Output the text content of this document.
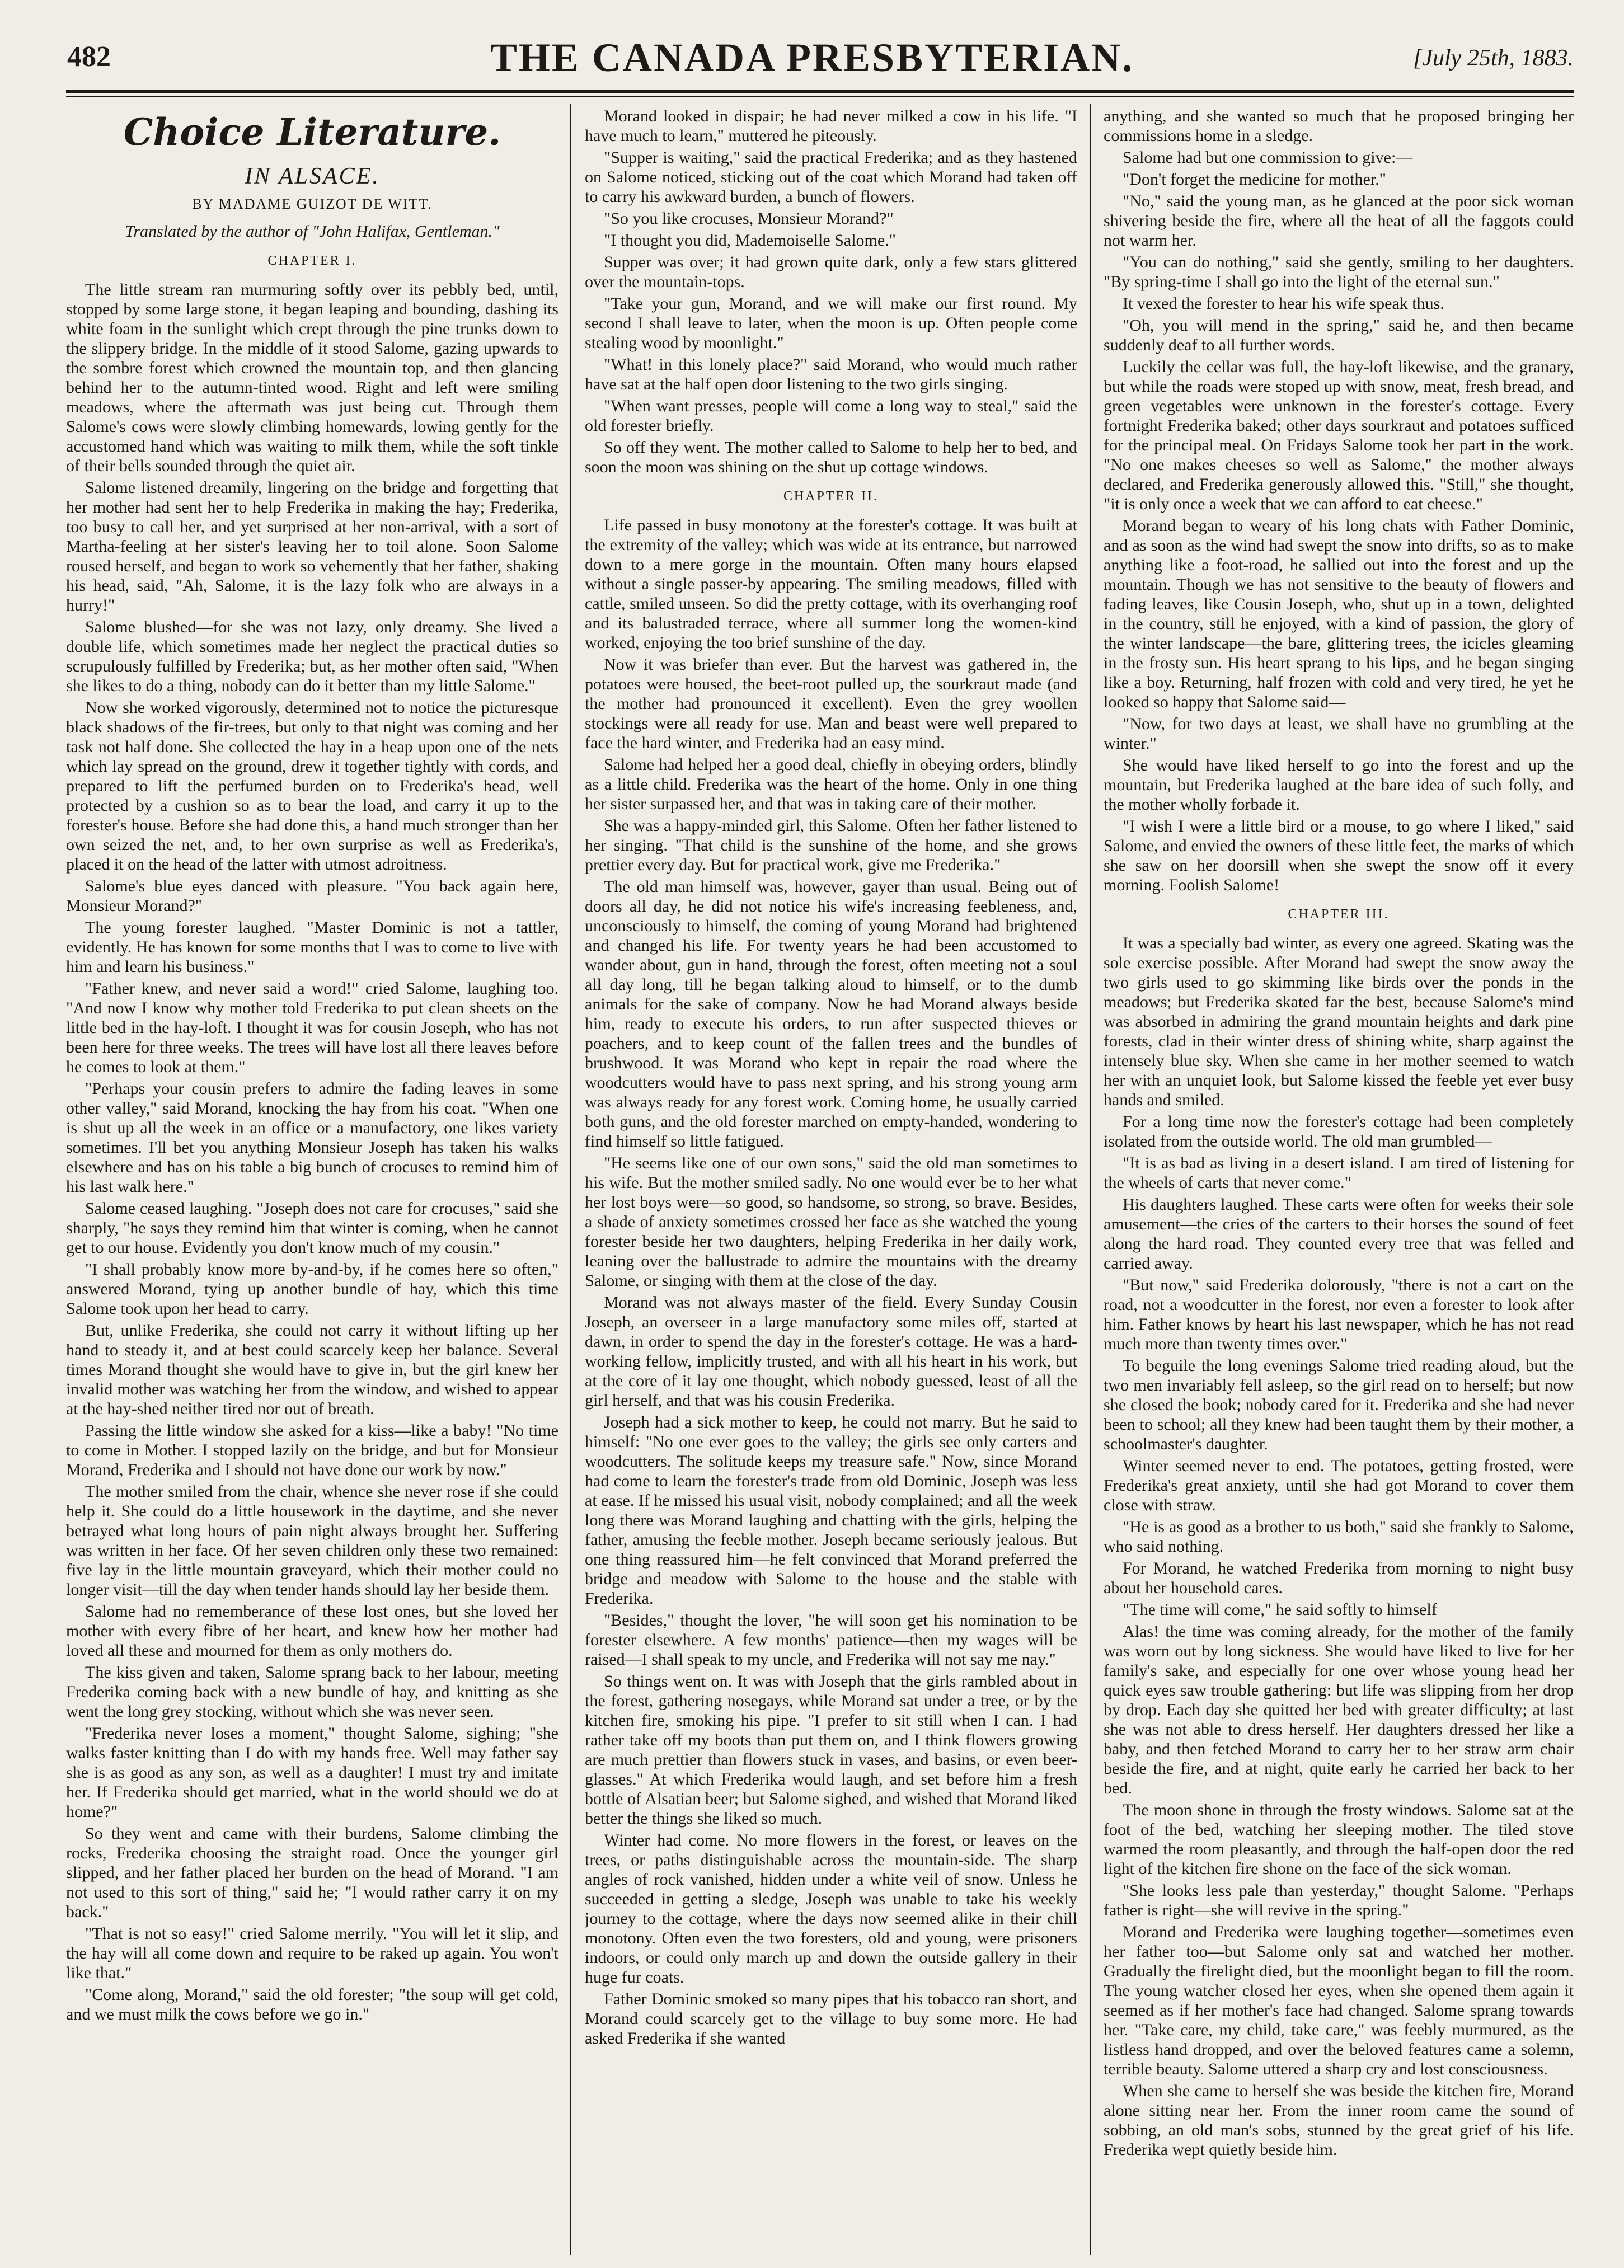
482	THE CANADA PRESBYTERIAN.	[July 25th, 1883.
Choice Literature.
IN ALSACE.
BY MADAME GUIZOT DE WITT.
Translated by the author of "John Halifax, Gentleman."
CHAPTER I.

The little stream ran murmuring softly over its pebbly bed, until, stopped by some large stone, it began leaping and bounding, dashing its white foam in the sunlight which crept through the pine trunks down to the slippery bridge. In the middle of it stood Salome, gazing upwards to the sombre forest which crowned the mountain top, and then glancing behind her to the autumn-tinted wood. Right and left were smiling meadows, where the aftermath was just being cut. Through them Salome's cows were slowly climbing homewards, lowing gently for the accustomed hand which was waiting to milk them, while the soft tinkle of their bells sounded through the quiet air.

Salome listened dreamily, lingering on the bridge and forgetting that her mother had sent her to help Frederika in making the hay; Frederika, too busy to call her, and yet surprised at her non-arrival, with a sort of Martha-feeling at her sister's leaving her to toil alone. Soon Salome roused herself, and began to work so vehemently that her father, shaking his head, said, "Ah, Salome, it is the lazy folk who are always in a hurry!"

Salome blushed—for she was not lazy, only dreamy. She lived a double life, which sometimes made her neglect the practical duties so scrupulously fulfilled by Frederika; but, as her mother often said, "When she likes to do a thing, nobody can do it better than my little Salome."

Now she worked vigorously, determined not to notice the picturesque black shadows of the fir-trees, but only to that night was coming and her task not half done. She collected the hay in a heap upon one of the nets which lay spread on the ground, drew it together tightly with cords, and prepared to lift the perfumed burden on to Frederika's head, well protected by a cushion so as to bear the load, and carry it up to the forester's house. Before she had done this, a hand much stronger than her own seized the net, and, to her own surprise as well as Frederika's, placed it on the head of the latter with utmost adroitness.

Salome's blue eyes danced with pleasure. "You back again here, Monsieur Morand?"

The young forester laughed. "Master Dominic is not a tattler, evidently. He has known for some months that I was to come to live with him and learn his business."

"Father knew, and never said a word!" cried Salome, laughing too. "And now I know why mother told Frederika to put clean sheets on the little bed in the hay-loft. I thought it was for cousin Joseph, who has not been here for three weeks. The trees will have lost all there leaves before he comes to look at them."

"Perhaps your cousin prefers to admire the fading leaves in some other valley," said Morand, knocking the hay from his coat. "When one is shut up all the week in an office or a manufactory, one likes variety sometimes. I'll bet you anything Monsieur Joseph has taken his walks elsewhere and has on his table a big bunch of crocuses to remind him of his last walk here."

Salome ceased laughing. "Joseph does not care for crocuses," said she sharply, "he says they remind him that winter is coming, when he cannot get to our house. Evidently you don't know much of my cousin."

"I shall probably know more by-and-by, if he comes here so often," answered Morand, tying up another bundle of hay, which this time Salome took upon her head to carry.

But, unlike Frederika, she could not carry it without lifting up her hand to steady it, and at best could scarcely keep her balance. Several times Morand thought she would have to give in, but the girl knew her invalid mother was watching her from the window, and wished to appear at the hay-shed neither tired nor out of breath.

Passing the little window she asked for a kiss—like a baby! "No time to come in Mother. I stopped lazily on the bridge, and but for Monsieur Morand, Frederika and I should not have done our work by now."

The mother smiled from the chair, whence she never rose if she could help it. She could do a little housework in the daytime, and she never betrayed what long hours of pain night always brought her. Suffering was written in her face. Of her seven children only these two remained: five lay in the little mountain graveyard, which their mother could no longer visit—till the day when tender hands should lay her beside them.

Salome had no rememberance of these lost ones, but she loved her mother with every fibre of her heart, and knew how her mother had loved all these and mourned for them as only mothers do.

The kiss given and taken, Salome sprang back to her labour, meeting Frederika coming back with a new bundle of hay, and knitting as she went the long grey stocking, without which she was never seen.

"Frederika never loses a moment," thought Salome, sighing; "she walks faster knitting than I do with my hands free. Well may father say she is as good as any son, as well as a daughter! I must try and imitate her. If Frederika should get married, what in the world should we do at home?"

So they went and came with their burdens, Salome climbing the rocks, Frederika choosing the straight road. Once the younger girl slipped, and her father placed her burden on the head of Morand. "I am not used to this sort of thing," said he; "I would rather carry it on my back."

"That is not so easy!" cried Salome merrily. "You will let it slip, and the hay will all come down and require to be raked up again. You won't like that."

"Come along, Morand," said the old forester; "the soup will get cold, and we must milk the cows before we go in."

Morand looked in dispair; he had never milked a cow in his life. "I have much to learn," muttered he piteously.

"Supper is waiting," said the practical Frederika; and as they hastened on Salome noticed, sticking out of the coat which Morand had taken off to carry his awkward burden, a bunch of flowers.

"So you like crocuses, Monsieur Morand?"

"I thought you did, Mademoiselle Salome."

Supper was over; it had grown quite dark, only a few stars glittered over the mountain-tops.

"Take your gun, Morand, and we will make our first round. My second I shall leave to later, when the moon is up. Often people come stealing wood by moonlight."

"What! in this lonely place?" said Morand, who would much rather have sat at the half open door listening to the two girls singing.

"When want presses, people will come a long way to steal," said the old forester briefly.

So off they went. The mother called to Salome to help her to bed, and soon the moon was shining on the shut up cottage windows.

CHAPTER II.

Life passed in busy monotony at the forester's cottage. It was built at the extremity of the valley; which was wide at its entrance, but narrowed down to a mere gorge in the mountain. Often many hours elapsed without a single passer-by appearing. The smiling meadows, filled with cattle, smiled unseen. So did the pretty cottage, with its overhanging roof and its balustraded terrace, where all summer long the women-kind worked, enjoying the too brief sunshine of the day.

Now it was briefer than ever. But the harvest was gathered in, the potatoes were housed, the beet-root pulled up, the sourkraut made (and the mother had pronounced it excellent). Even the grey woollen stockings were all ready for use. Man and beast were well prepared to face the hard winter, and Frederika had an easy mind.

Salome had helped her a good deal, chiefly in obeying orders, blindly as a little child. Frederika was the heart of the home. Only in one thing her sister surpassed her, and that was in taking care of their mother.

She was a happy-minded girl, this Salome. Often her father listened to her singing. "That child is the sunshine of the home, and she grows prettier every day. But for practical work, give me Frederika."

The old man himself was, however, gayer than usual. Being out of doors all day, he did not notice his wife's increasing feebleness, and, unconsciously to himself, the coming of young Morand had brightened and changed his life. For twenty years he had been accustomed to wander about, gun in hand, through the forest, often meeting not a soul all day long, till he began talking aloud to himself, or to the dumb animals for the sake of company. Now he had Morand always beside him, ready to execute his orders, to run after suspected thieves or poachers, and to keep count of the fallen trees and the bundles of brushwood. It was Morand who kept in repair the road where the woodcutters would have to pass next spring, and his strong young arm was always ready for any forest work. Coming home, he usually carried both guns, and the old forester marched on empty-handed, wondering to find himself so little fatigued.

"He seems like one of our own sons," said the old man sometimes to his wife. But the mother smiled sadly. No one would ever be to her what her lost boys were—so good, so handsome, so strong, so brave. Besides, a shade of anxiety sometimes crossed her face as she watched the young forester beside her two daughters, helping Frederika in her daily work, leaning over the ballustrade to admire the mountains with the dreamy Salome, or singing with them at the close of the day.

Morand was not always master of the field. Every Sunday Cousin Joseph, an overseer in a large manufactory some miles off, started at dawn, in order to spend the day in the forester's cottage. He was a hard-working fellow, implicitly trusted, and with all his heart in his work, but at the core of it lay one thought, which nobody guessed, least of all the girl herself, and that was his cousin Frederika.

Joseph had a sick mother to keep, he could not marry. But he said to himself: "No one ever goes to the valley; the girls see only carters and woodcutters. The solitude keeps my treasure safe." Now, since Morand had come to learn the forester's trade from old Dominic, Joseph was less at ease. If he missed his usual visit, nobody complained; and all the week long there was Morand laughing and chatting with the girls, helping the father, amusing the feeble mother. Joseph became seriously jealous. But one thing reassured him—he felt convinced that Morand preferred the bridge and meadow with Salome to the house and the stable with Frederika.

"Besides," thought the lover, "he will soon get his nomination to be forester elsewhere. A few months' patience—then my wages will be raised—I shall speak to my uncle, and Frederika will not say me nay."

So things went on. It was with Joseph that the girls rambled about in the forest, gathering nosegays, while Morand sat under a tree, or by the kitchen fire, smoking his pipe. "I prefer to sit still when I can. I had rather take off my boots than put them on, and I think flowers growing are much prettier than flowers stuck in vases, and basins, or even beer-glasses." At which Frederika would laugh, and set before him a fresh bottle of Alsatian beer; but Salome sighed, and wished that Morand liked better the things she liked so much.

Winter had come. No more flowers in the forest, or leaves on the trees, or paths distinguishable across the mountain-side. The sharp angles of rock vanished, hidden under a white veil of snow. Unless he succeeded in getting a sledge, Joseph was unable to take his weekly journey to the cottage, where the days now seemed alike in their chill monotony. Often even the two foresters, old and young, were prisoners indoors, or could only march up and down the outside gallery in their huge fur coats.

Father Dominic smoked so many pipes that his tobacco ran short, and Morand could scarcely get to the village to buy some more. He had asked Frederika if she wanted

anything, and she wanted so much that he proposed bringing her commissions home in a sledge.

Salome had but one commission to give:—

"Don't forget the medicine for mother."

"No," said the young man, as he glanced at the poor sick woman shivering beside the fire, where all the heat of all the faggots could not warm her.

"You can do nothing," said she gently, smiling to her daughters. "By spring-time I shall go into the light of the eternal sun."

It vexed the forester to hear his wife speak thus.

"Oh, you will mend in the spring," said he, and then became suddenly deaf to all further words.

Luckily the cellar was full, the hay-loft likewise, and the granary, but while the roads were stoped up with snow, meat, fresh bread, and green vegetables were unknown in the forester's cottage. Every fortnight Frederika baked; other days sourkraut and potatoes sufficed for the principal meal. On Fridays Salome took her part in the work. "No one makes cheeses so well as Salome," the mother always declared, and Frederika generously allowed this. "Still," she thought, "it is only once a week that we can afford to eat cheese."

Morand began to weary of his long chats with Father Dominic, and as soon as the wind had swept the snow into drifts, so as to make anything like a foot-road, he sallied out into the forest and up the mountain. Though we has not sensitive to the beauty of flowers and fading leaves, like Cousin Joseph, who, shut up in a town, delighted in the country, still he enjoyed, with a kind of passion, the glory of the winter landscape—the bare, glittering trees, the icicles gleaming in the frosty sun. His heart sprang to his lips, and he began singing like a boy. Returning, half frozen with cold and very tired, he yet he looked so happy that Salome said—

"Now, for two days at least, we shall have no grumbling at the winter."

She would have liked herself to go into the forest and up the mountain, but Frederika laughed at the bare idea of such folly, and the mother wholly forbade it.

"I wish I were a little bird or a mouse, to go where I liked," said Salome, and envied the owners of these little feet, the marks of which she saw on her doorsill when she swept the snow off it every morning. Foolish Salome!

CHAPTER III.

It was a specially bad winter, as every one agreed. Skating was the sole exercise possible. After Morand had swept the snow away the two girls used to go skimming like birds over the ponds in the meadows; but Frederika skated far the best, because Salome's mind was absorbed in admiring the grand mountain heights and dark pine forests, clad in their winter dress of shining white, sharp against the intensely blue sky. When she came in her mother seemed to watch her with an unquiet look, but Salome kissed the feeble yet ever busy hands and smiled.

For a long time now the forester's cottage had been completely isolated from the outside world. The old man grumbled—

"It is as bad as living in a desert island. I am tired of listening for the wheels of carts that never come."

His daughters laughed. These carts were often for weeks their sole amusement—the cries of the carters to their horses the sound of feet along the hard road. They counted every tree that was felled and carried away.

"But now," said Frederika dolorously, "there is not a cart on the road, not a woodcutter in the forest, nor even a forester to look after him. Father knows by heart his last newspaper, which he has not read much more than twenty times over."

To beguile the long evenings Salome tried reading aloud, but the two men invariably fell asleep, so the girl read on to herself; but now she closed the book; nobody cared for it. Frederika and she had never been to school; all they knew had been taught them by their mother, a schoolmaster's daughter.

Winter seemed never to end. The potatoes, getting frosted, were Frederika's great anxiety, until she had got Morand to cover them close with straw.

"He is as good as a brother to us both," said she frankly to Salome, who said nothing.

For Morand, he watched Frederika from morning to night busy about her household cares.

"The time will come," he said softly to himself

Alas! the time was coming already, for the mother of the family was worn out by long sickness. She would have liked to live for her family's sake, and especially for one over whose young head her quick eyes saw trouble gathering: but life was slipping from her drop by drop. Each day she quitted her bed with greater difficulty; at last she was not able to dress herself. Her daughters dressed her like a baby, and then fetched Morand to carry her to her straw arm chair beside the fire, and at night, quite early he carried her back to her bed.

The moon shone in through the frosty windows. Salome sat at the foot of the bed, watching her sleeping mother. The tiled stove warmed the room pleasantly, and through the half-open door the red light of the kitchen fire shone on the face of the sick woman.

"She looks less pale than yesterday," thought Salome. "Perhaps father is right—she will revive in the spring."

Morand and Frederika were laughing together—sometimes even her father too—but Salome only sat and watched her mother. Gradually the firelight died, but the moonlight began to fill the room. The young watcher closed her eyes, when she opened them again it seemed as if her mother's face had changed. Salome sprang towards her. "Take care, my child, take care," was feebly murmured, as the listless hand dropped, and over the beloved features came a solemn, terrible beauty. Salome uttered a sharp cry and lost consciousness.

When she came to herself she was beside the kitchen fire, Morand alone sitting near her. From the inner room came the sound of sobbing, an old man's sobs, stunned by the great grief of his life. Frederika wept quietly beside him.
